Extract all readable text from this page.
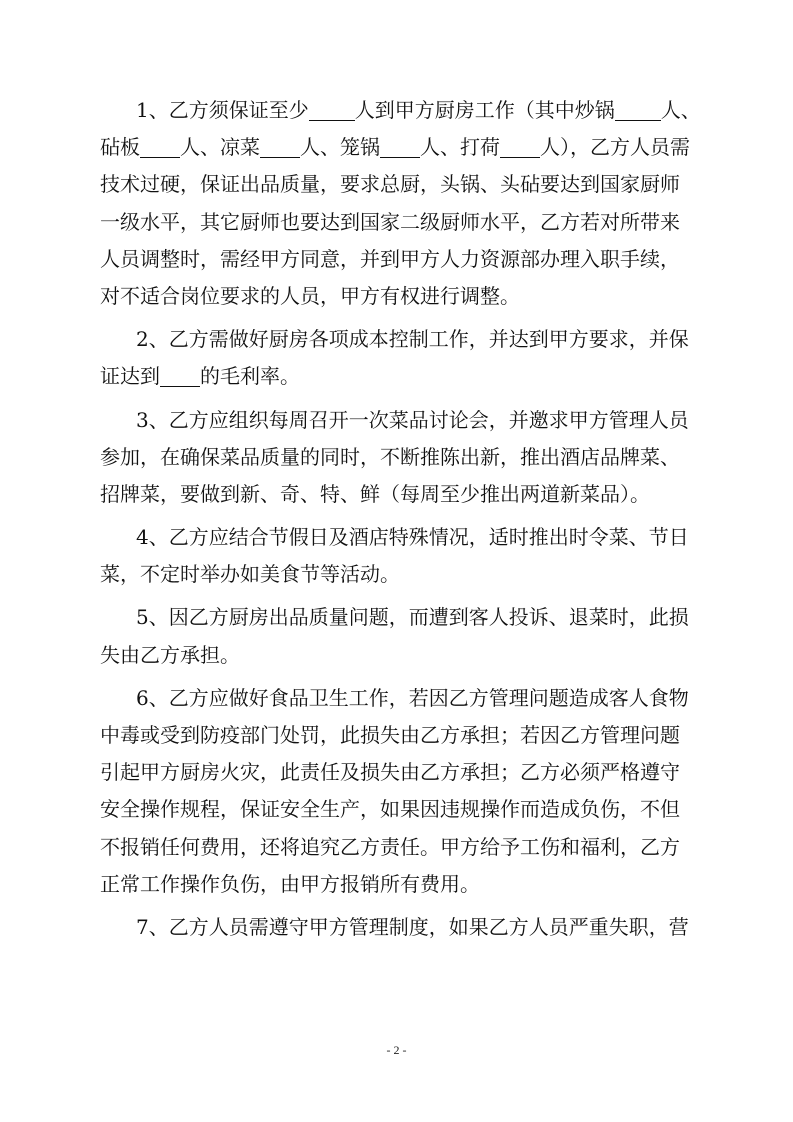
1、乙方须保证至少 人到甲方厨房工作（其中炒锅 人、
砧板 人、凉菜 人、笼锅 人、打荷 人），乙方人员需
技术过硬，保证出品质量，要求总厨，头锅、头砧要达到国家厨师
一级水平，其它厨师也要达到国家二级厨师水平，乙方若对所带来
人员调整时，需经甲方同意，并到甲方人力资源部办理入职手续，
对不适合岗位要求的人员，甲方有权进行调整。
2、乙方需做好厨房各项成本控制工作，并达到甲方要求，并保
证达到 的毛利率。
3、乙方应组织每周召开一次菜品讨论会，并邀求甲方管理人员
参加，在确保菜品质量的同时，不断推陈出新，推出酒店品牌菜、
招牌菜，要做到新、奇、特、鲜（每周至少推出两道新菜品）。
4、乙方应结合节假日及酒店特殊情况，适时推出时令菜、节日
菜，不定时举办如美食节等活动。
5、因乙方厨房出品质量问题，而遭到客人投诉、退菜时，此损
失由乙方承担。
6、乙方应做好食品卫生工作，若因乙方管理问题造成客人食物
中毒或受到防疫部门处罚，此损失由乙方承担；若因乙方管理问题
引起甲方厨房火灾，此责任及损失由乙方承担；乙方必须严格遵守
安全操作规程，保证安全生产，如果因违规操作而造成负伤，不但
不报销任何费用，还将追究乙方责任。甲方给予工伤和福利，乙方
正常工作操作负伤，由甲方报销所有费用。
7、乙方人员需遵守甲方管理制度，如果乙方人员严重失职，营
- 2 -
